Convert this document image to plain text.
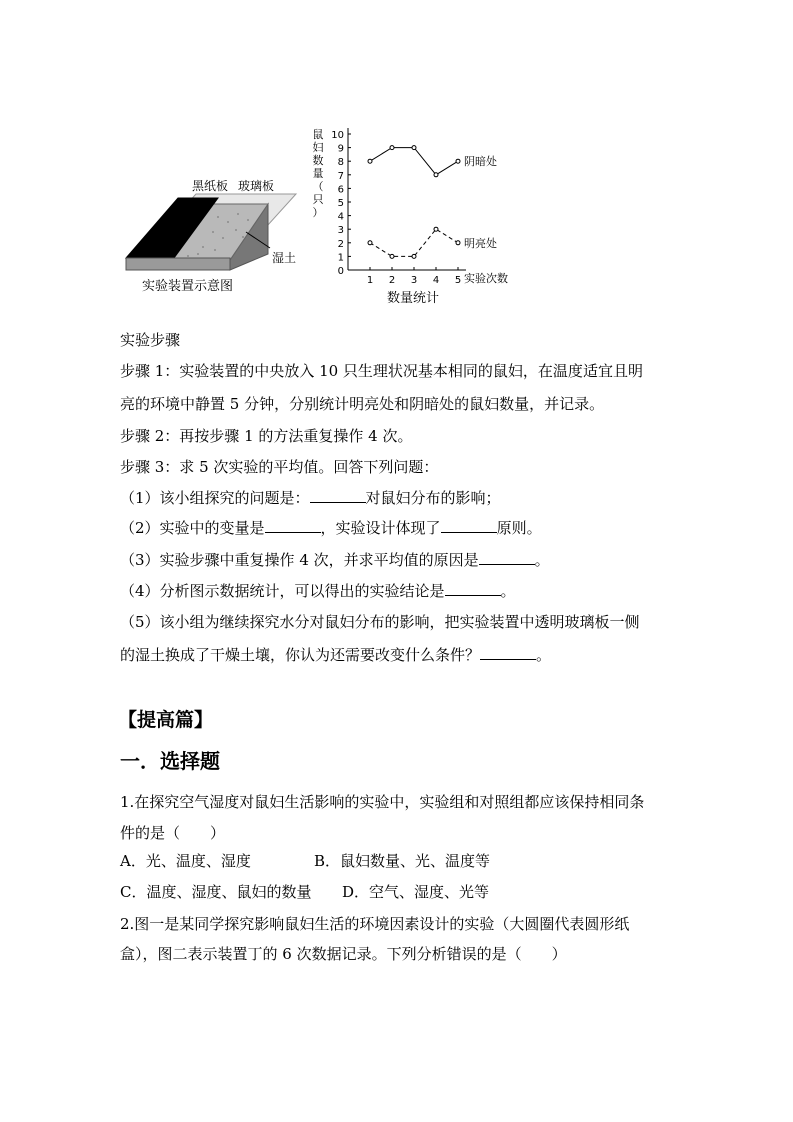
黑纸板 玻璃板
湿土
实验装置示意图
0
1
2
3
4
5
6
7
8
9
10
1 2 3 4 5
鼠
妇
数
量
（
只
）
实验次数
数量统计
阴暗处
明亮处
实验步骤
步骤 1：实验装置的中央放入 10 只生理状况基本相同的鼠妇，在温度适宜且明
亮的环境中静置 5 分钟，分别统计明亮处和阴暗处的鼠妇数量，并记录。
步骤 2：再按步骤 1 的方法重复操作 4 次。
步骤 3：求 5 次实验的平均值。回答下列问题：
（1）该小组探究的问题是：	对鼠妇分布的影响；
（2）实验中的变量是	，实验设计体现了	原则。
（3）实验步骤中重复操作 4 次，并求平均值的原因是	。
（4）分析图示数据统计，可以得出的实验结论是	。
（5）该小组为继续探究水分对鼠妇分布的影响，把实验装置中透明玻璃板一侧
的湿土换成了干燥土壤，你认为还需要改变什么条件？	。
【提高篇】
一．选择题
1.在探究空气湿度对鼠妇生活影响的实验中，实验组和对照组都应该保持相同条
件的是（　　）
A．光、温度、湿度	B．鼠妇数量、光、温度等
C．温度、湿度、鼠妇的数量 D．空气、湿度、光等
2.图一是某同学探究影响鼠妇生活的环境因素设计的实验（大圆圈代表圆形纸
盒），图二表示装置丁的 6 次数据记录。下列分析错误的是（　　）
